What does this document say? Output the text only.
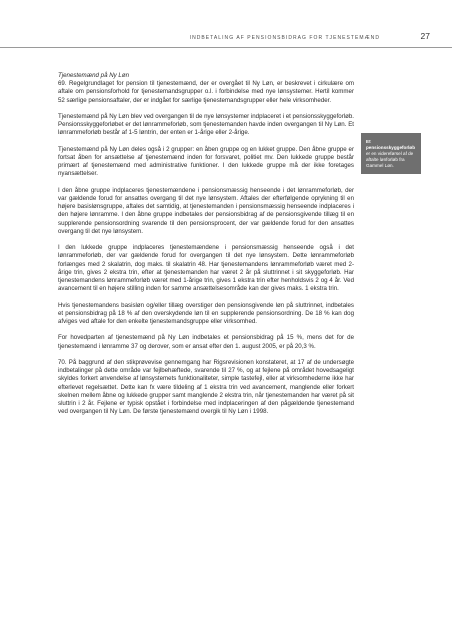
INDBETALING AF PENSIONSBIDRAG FOR TJENESTEMÆND	27

Tjenestemænd på Ny Løn

69. Regelgrundlaget for pension til tjenestemænd, der er overgået til Ny Løn, er beskrevet i cirkulære om aftale om pensionsforhold for tjenestemandsgrupper o.l. i forbindelse med nye lønsystemer. Hertil kommer 52 særlige pensionsaftaler, der er indgået for særlige tjenestemandsgrupper eller hele virksomheder.

Tjenestemænd på Ny Løn blev ved overgangen til de nye lønsystemer indplaceret i et pensionsskyggeforløb. Pensionsskyggeforløbet er det lønrammeforløb, som tjenestemanden havde inden overgangen til Ny Løn. Et lønrammeforløb består af 1-5 løntrin, der enten er 1-årige eller 2-årige.

Tjenestemænd på Ny Løn deles også i 2 grupper: en åben gruppe og en lukket gruppe. Den åbne gruppe er fortsat åben for ansættelse af tjenestemænd inden for forsvaret, politiet mv. Den lukkede gruppe består primært af tjenestemænd med administrative funktioner. I den lukkede gruppe må der ikke foretages nyansættelser.

I den åbne gruppe indplaceres tjenestemændene i pensionsmæssig henseende i det lønrammeforløb, der var gældende forud for ansattes overgang til det nye lønsystem. Aftales der efterfølgende oprykning til en højere basislønsgruppe, aftales det samtidig, at tjenestemanden i pensionsmæssig henseende indplaceres i den højere lønramme. I den åbne gruppe indbetales der pensionsbidrag af de pensionsgivende tillæg til en supplerende pensionsordning svarende til den pensionsprocent, der var gældende forud for den ansattes overgang til det nye lønsystem.

I den lukkede gruppe indplaceres tjenestemændene i pensionsmæssig henseende også i det lønrammeforløb, der var gældende forud for overgangen til det nye lønsystem. Dette lønrammeforløb forlænges med 2 skalatrin, dog maks. til skalatrin 48. Har tjenestemandens lønrammeforløb været med 2-årige trin, gives 2 ekstra trin, efter at tjenestemanden har været 2 år på sluttrinnet i sit skyggeforløb. Har tjenestemandens lønrammeforløb været med 1-årige trin, gives 1 ekstra trin efter henholdsvis 2 og 4 år. Ved avancement til en højere stilling inden for samme ansættelsesområde kan der gives maks. 1 ekstra trin.

Hvis tjenestemandens basisløn og/eller tillæg overstiger den pensionsgivende løn på sluttrinnet, indbetales et pensionsbidrag på 18 % af den overskydende løn til en supplerende pensionsordning. De 18 % kan dog afviges ved aftale for den enkelte tjenestemandsgruppe eller virksomhed.

For hovedparten af tjenestemænd på Ny Løn indbetales et pensionsbidrag på 15 %, mens det for de tjenestemænd i lønramme 37 og derover, som er ansat efter den 1. august 2005, er på 20,3 %.

70. På baggrund af den stikprøvevise gennemgang har Rigsrevisionen konstateret, at 17 af de undersøgte indbetalinger på dette område var fejlbehæftede, svarende til 27 %, og at fejlene på området hovedsageligt skyldes forkert anvendelse af lønsystemets funktionaliteter, simple tastefejl, eller at virksomhederne ikke har efterlevet regelsættet. Dette kan fx være tildeling af 1 ekstra trin ved avancement, manglende eller forkert skelnen mellem åbne og lukkede grupper samt manglende 2 ekstra trin, når tjenestemanden har været på sit sluttrin i 2 år. Fejlene er typisk opstået i forbindelse med indplaceringen af den pågældende tjenestemand ved overgangen til Ny Løn. De første tjenestemænd overgik til Ny Løn i 1998.

Et pensionsskyggeforløb er en videreførsel af de aftalte lønforløb fra Gammel Løn.
